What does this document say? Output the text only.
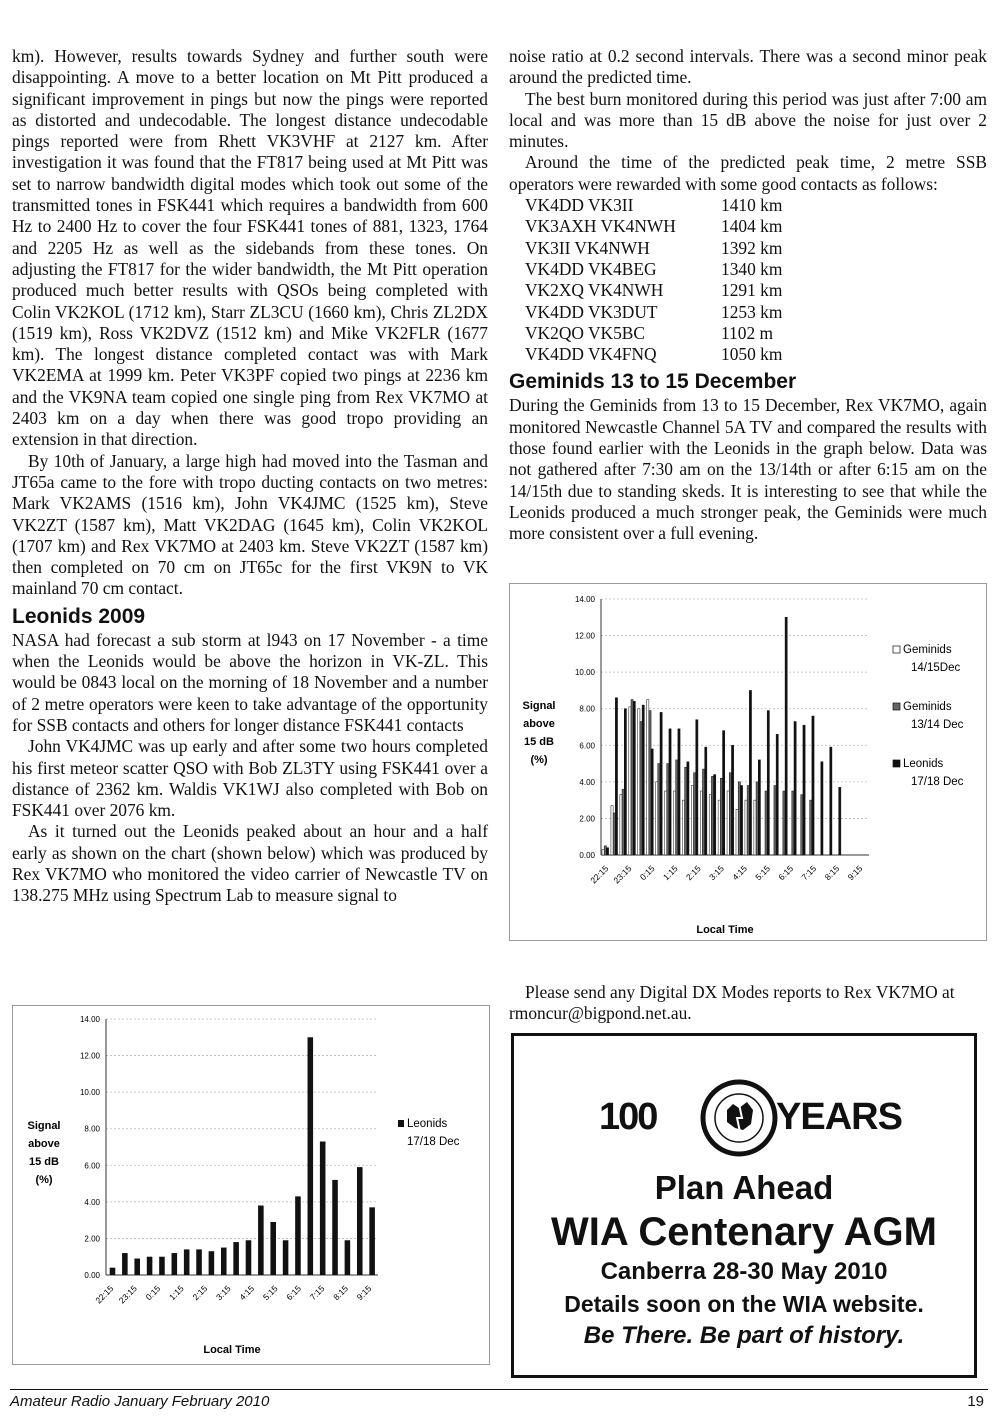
km). However, results towards Sydney and further south were disappointing. A move to a better location on Mt Pitt produced a significant improvement in pings but now the pings were reported as distorted and undecodable. The longest distance undecodable pings reported were from Rhett VK3VHF at 2127 km. After investigation it was found that the FT817 being used at Mt Pitt was set to narrow bandwidth digital modes which took out some of the transmitted tones in FSK441 which requires a bandwidth from 600 Hz to 2400 Hz to cover the four FSK441 tones of 881, 1323, 1764 and 2205 Hz as well as the sidebands from these tones. On adjusting the FT817 for the wider bandwidth, the Mt Pitt operation produced much better results with QSOs being completed with Colin VK2KOL (1712 km), Starr ZL3CU (1660 km), Chris ZL2DX (1519 km), Ross VK2DVZ (1512 km) and Mike VK2FLR (1677 km). The longest distance completed contact was with Mark VK2EMA at 1999 km. Peter VK3PF copied two pings at 2236 km and the VK9NA team copied one single ping from Rex VK7MO at 2403 km on a day when there was good tropo providing an extension in that direction.

By 10th of January, a large high had moved into the Tasman and JT65a came to the fore with tropo ducting contacts on two metres: Mark VK2AMS (1516 km), John VK4JMC (1525 km), Steve VK2ZT (1587 km), Matt VK2DAG (1645 km), Colin VK2KOL (1707 km) and Rex VK7MO at 2403 km. Steve VK2ZT (1587 km) then completed on 70 cm on JT65c for the first VK9N to VK mainland 70 cm contact.

Leonids 2009

NASA had forecast a sub storm at l943 on 17 November - a time when the Leonids would be above the horizon in VK-ZL. This would be 0843 local on the morning of 18 November and a number of 2 metre operators were keen to take advantage of the opportunity for SSB contacts and others for longer distance FSK441 contacts

John VK4JMC was up early and after some two hours completed his first meteor scatter QSO with Bob ZL3TY using FSK441 over a distance of 2362 km. Waldis VK1WJ also completed with Bob on FSK441 over 2076 km.

As it turned out the Leonids peaked about an hour and a half early as shown on the chart (shown below) which was produced by Rex VK7MO who monitored the video carrier of Newcastle TV on 138.275 MHz using Spectrum Lab to measure signal to

noise ratio at 0.2 second intervals. There was a second minor peak around the predicted time.

The best burn monitored during this period was just after 7:00 am local and was more than 15 dB above the noise for just over 2 minutes.

Around the time of the predicted peak time, 2 metre SSB operators were rewarded with some good contacts as follows:

VK4DD VK3II	1410 km
VK3AXH VK4NWH	1404 km
VK3II VK4NWH	1392 km
VK4DD VK4BEG	1340 km
VK2XQ VK4NWH	1291 km
VK4DD VK3DUT	1253 km
VK2QO VK5BC	1102 m
VK4DD VK4FNQ	1050 km
Geminids 13 to 15 December

During the Geminids from 13 to 15 December, Rex VK7MO, again monitored Newcastle Channel 5A TV and compared the results with those found earlier with the Leonids in the graph below. Data was not gathered after 7:30 am on the 13/14th or after 6:15 am on the 14/15th due to standing skeds. It is interesting to see that while the Leonids produced a much stronger peak, the Geminids were much more consistent over a full evening.

0.00
2.00
4.00
6.00
8.00
10.00
12.00
14.00
22:15 23:15 0:15 1:15 2:15 3:15 4:15 5:15 6:15 7:15 8:15 9:15
Signal
above
15 dB
(%)
Local Time
Geminids
14/15Dec
Geminids
13/14 Dec
Leonids
17/18 Dec
0.00
2.00
4.00
6.00
8.00
10.00
12.00
14.00
22:15 23:15 0:15 1:15 2:15 3:15 4:15 5:15 6:15 7:15 8:15 9:15
Signal
above
15 dB
(%)
Local Time
Leonids
17/18 Dec

Please send any Digital DX Modes reports to Rex VK7MO at rmoncur@bigpond.net.au.

100	YEARS
Plan Ahead
WIA Centenary AGM
Canberra 28-30 May 2010
Details soon on the WIA website.
Be There. Be part of history.
Amateur Radio January February 2010	19
